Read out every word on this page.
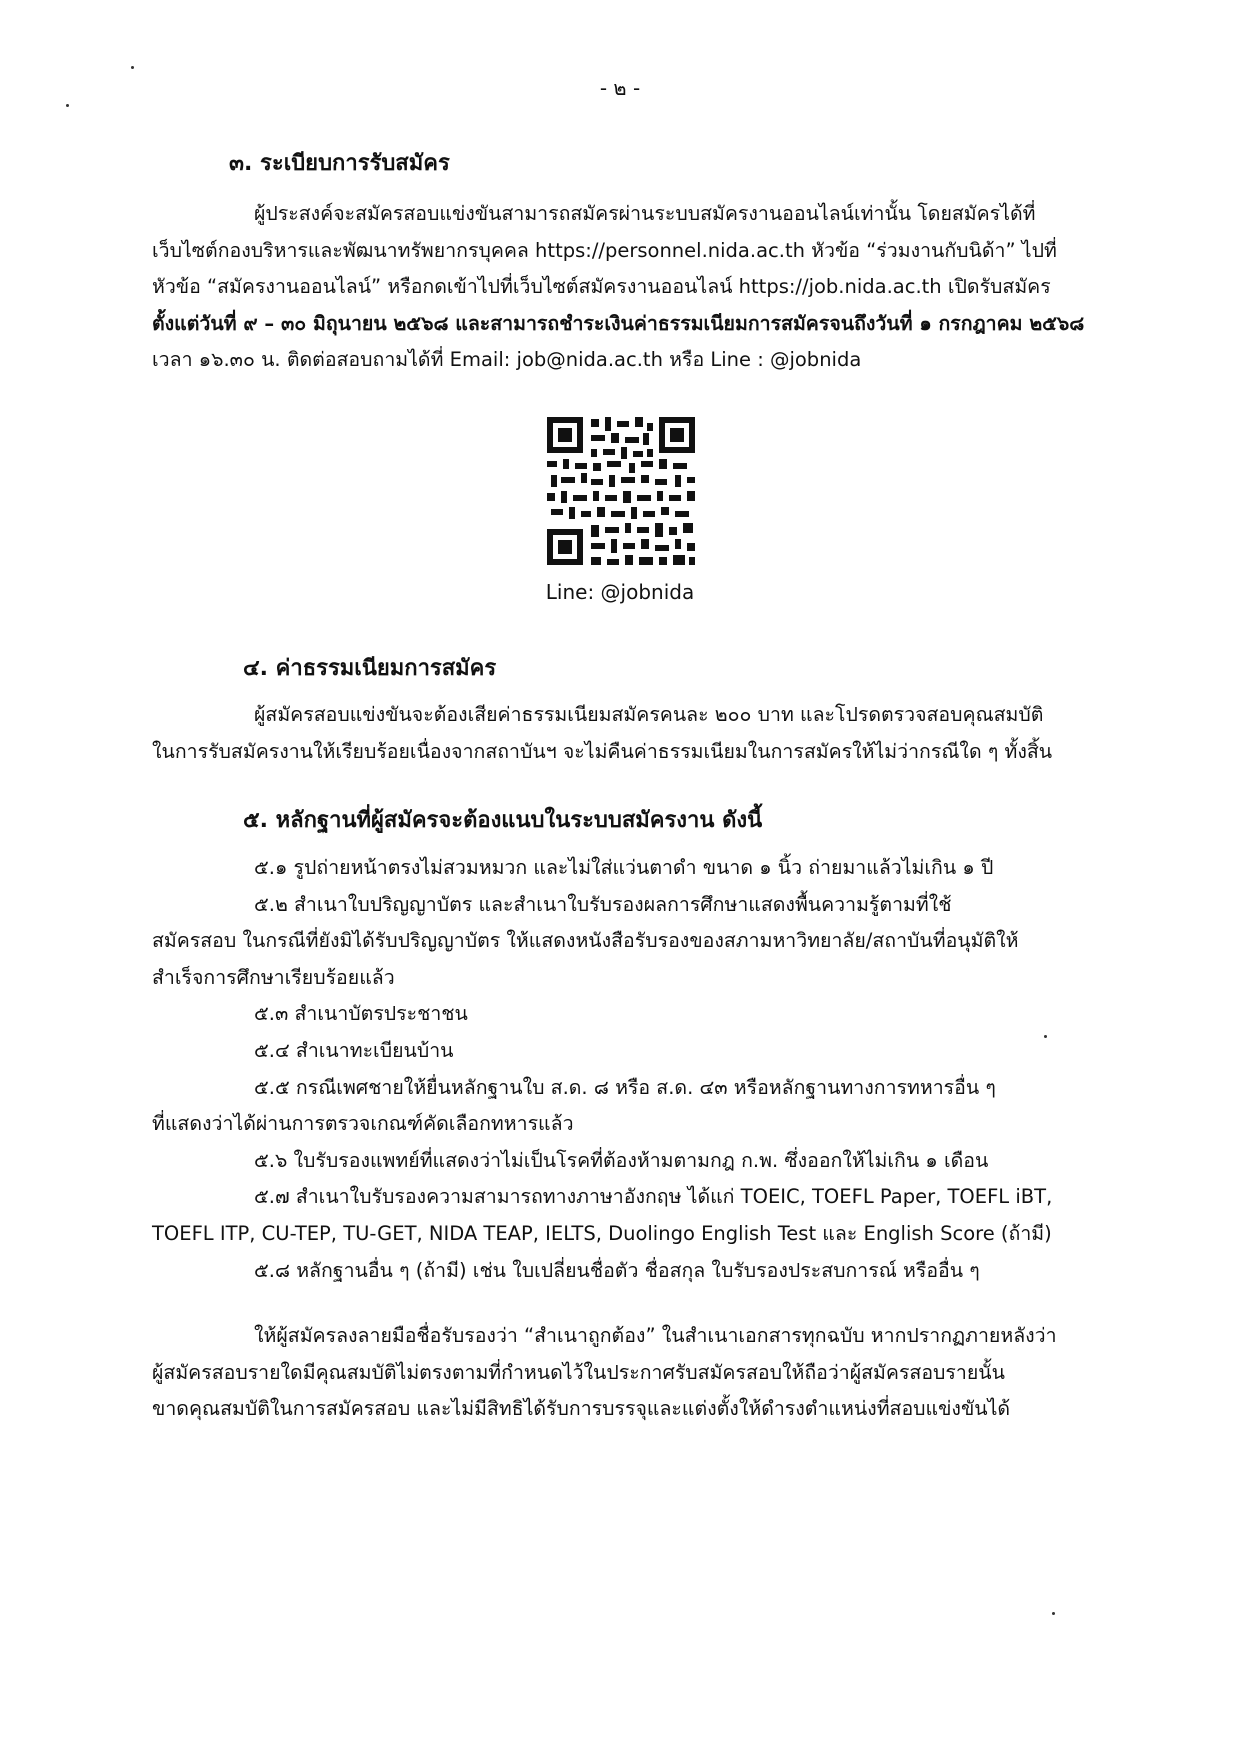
- ๒ -
๓. ระเบียบการรับสมัคร

ผู้ประสงค์จะสมัครสอบแข่งขันสามารถสมัครผ่านระบบสมัครงานออนไลน์เท่านั้น โดยสมัครได้ที่

เว็บไซต์กองบริหารและพัฒนาทรัพยากรบุคคล https://personnel.nida.ac.th หัวข้อ “ร่วมงานกับนิด้า” ไปที่

หัวข้อ “สมัครงานออนไลน์” หรือกดเข้าไปที่เว็บไซต์สมัครงานออนไลน์ https://job.nida.ac.th เปิดรับสมัคร

ตั้งแต่วันที่ ๙ – ๓๐ มิถุนายน ๒๕๖๘ และสามารถชำระเงินค่าธรรมเนียมการสมัครจนถึงวันที่ ๑ กรกฎาคม ๒๕๖๘

เวลา ๑๖.๓๐ น. ติดต่อสอบถามได้ที่ Email: job@nida.ac.th หรือ Line : @jobnida

Line: @jobnida
๔. ค่าธรรมเนียมการสมัคร

ผู้สมัครสอบแข่งขันจะต้องเสียค่าธรรมเนียมสมัครคนละ ๒๐๐ บาท และโปรดตรวจสอบคุณสมบัติ

ในการรับสมัครงานให้เรียบร้อยเนื่องจากสถาบันฯ จะไม่คืนค่าธรรมเนียมในการสมัครให้ไม่ว่ากรณีใด ๆ ทั้งสิ้น

๕. หลักฐานที่ผู้สมัครจะต้องแนบในระบบสมัครงาน ดังนี้

๕.๑ รูปถ่ายหน้าตรงไม่สวมหมวก และไม่ใส่แว่นตาดำ ขนาด ๑ นิ้ว ถ่ายมาแล้วไม่เกิน ๑ ปี

๕.๒ สำเนาใบปริญญาบัตร และสำเนาใบรับรองผลการศึกษาแสดงพื้นความรู้ตามที่ใช้

สมัครสอบ ในกรณีที่ยังมิได้รับปริญญาบัตร ให้แสดงหนังสือรับรองของสภามหาวิทยาลัย/สถาบันที่อนุมัติให้

สำเร็จการศึกษาเรียบร้อยแล้ว

๕.๓ สำเนาบัตรประชาชน

๕.๔ สำเนาทะเบียนบ้าน

๕.๕ กรณีเพศชายให้ยื่นหลักฐานใบ ส.ด. ๘ หรือ ส.ด. ๔๓ หรือหลักฐานทางการทหารอื่น ๆ

ที่แสดงว่าได้ผ่านการตรวจเกณฑ์คัดเลือกทหารแล้ว

๕.๖ ใบรับรองแพทย์ที่แสดงว่าไม่เป็นโรคที่ต้องห้ามตามกฎ ก.พ. ซึ่งออกให้ไม่เกิน ๑ เดือน

๕.๗ สำเนาใบรับรองความสามารถทางภาษาอังกฤษ ได้แก่ TOEIC, TOEFL Paper, TOEFL iBT,

TOEFL ITP, CU-TEP, TU-GET, NIDA TEAP, IELTS, Duolingo English Test และ English Score (ถ้ามี)

๕.๘ หลักฐานอื่น ๆ (ถ้ามี) เช่น ใบเปลี่ยนชื่อตัว ชื่อสกุล ใบรับรองประสบการณ์ หรืออื่น ๆ

ให้ผู้สมัครลงลายมือชื่อรับรองว่า “สำเนาถูกต้อง” ในสำเนาเอกสารทุกฉบับ หากปรากฏภายหลังว่า

ผู้สมัครสอบรายใดมีคุณสมบัติไม่ตรงตามที่กำหนดไว้ในประกาศรับสมัครสอบให้ถือว่าผู้สมัครสอบรายนั้น

ขาดคุณสมบัติในการสมัครสอบ และไม่มีสิทธิได้รับการบรรจุและแต่งตั้งให้ดำรงตำแหน่งที่สอบแข่งขันได้
